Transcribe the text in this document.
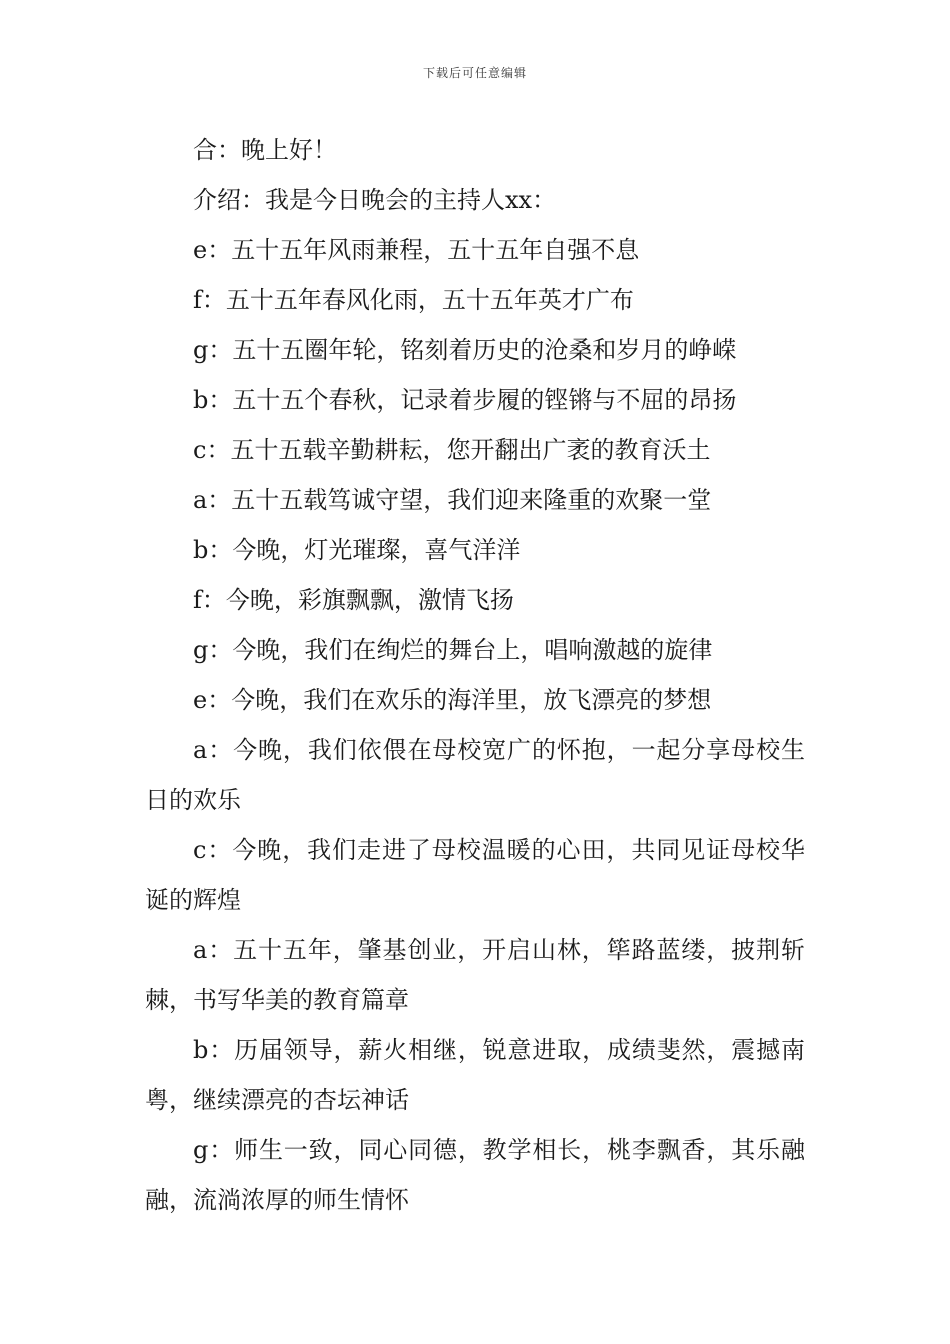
下载后可任意编辑

合：晚上好！

介绍：我是今日晚会的主持人xx：

e：五十五年风雨兼程，五十五年自强不息

f：五十五年春风化雨，五十五年英才广布

g：五十五圈年轮，铭刻着历史的沧桑和岁月的峥嵘

b：五十五个春秋，记录着步履的铿锵与不屈的昂扬

c：五十五载辛勤耕耘，您开翻出广袤的教育沃土

a：五十五载笃诚守望，我们迎来隆重的欢聚一堂

b：今晚，灯光璀璨，喜气洋洋

f：今晚，彩旗飘飘，激情飞扬

g：今晚，我们在绚烂的舞台上，唱响激越的旋律

e：今晚，我们在欢乐的海洋里，放飞漂亮的梦想

a：今晚，我们依偎在母校宽广的怀抱，一起分享母校生日的欢乐

c：今晚，我们走进了母校温暖的心田，共同见证母校华诞的辉煌

a：五十五年，肇基创业，开启山林，筚路蓝缕，披荆斩棘，书写华美的教育篇章

b：历届领导，薪火相继，锐意进取，成绩斐然，震撼南粤，继续漂亮的杏坛神话

g：师生一致，同心同德，教学相长，桃李飘香，其乐融融，流淌浓厚的师生情怀
